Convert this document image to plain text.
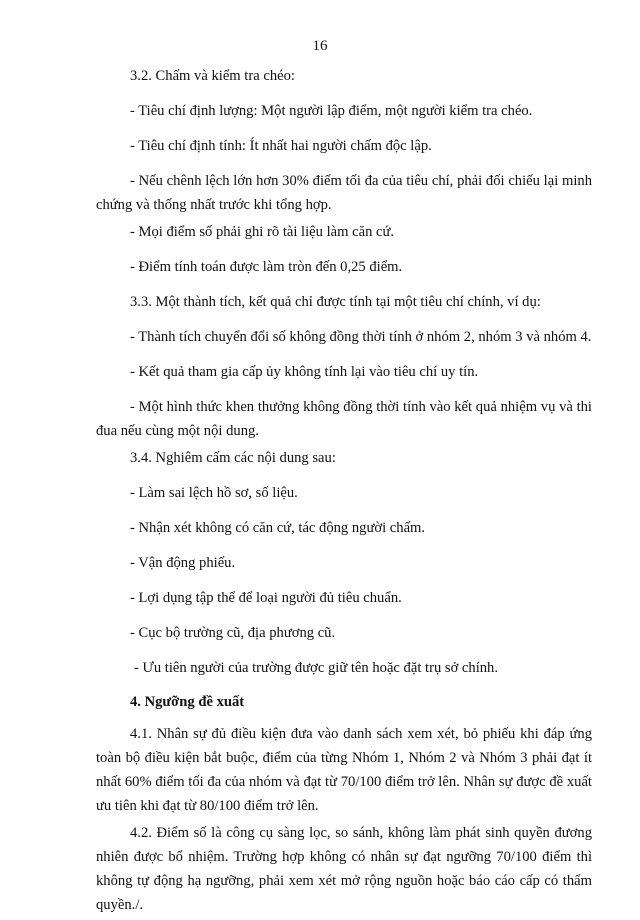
16

3.2. Chấm và kiểm tra chéo:

- Tiêu chí định lượng: Một người lập điểm, một người kiểm tra chéo.

- Tiêu chí định tính: Ít nhất hai người chấm độc lập.

- Nếu chênh lệch lớn hơn 30% điểm tối đa của tiêu chí, phải đối chiếu lại minh chứng và thống nhất trước khi tổng hợp.

- Mọi điểm số phải ghi rõ tài liệu làm căn cứ.

- Điểm tính toán được làm tròn đến 0,25 điểm.

3.3. Một thành tích, kết quả chỉ được tính tại một tiêu chí chính, ví dụ:

- Thành tích chuyển đổi số không đồng thời tính ở nhóm 2, nhóm 3 và nhóm 4.

- Kết quả tham gia cấp ủy không tính lại vào tiêu chí uy tín.

- Một hình thức khen thưởng không đồng thời tính vào kết quả nhiệm vụ và thi đua nếu cùng một nội dung.

3.4. Nghiêm cấm các nội dung sau:

- Làm sai lệch hồ sơ, số liệu.

- Nhận xét không có căn cứ, tác động người chấm.

- Vận động phiếu.

- Lợi dụng tập thể để loại người đủ tiêu chuẩn.

- Cục bộ trường cũ, địa phương cũ.

- Ưu tiên người của trường được giữ tên hoặc đặt trụ sở chính.

4. Ngưỡng đề xuất

4.1. Nhân sự đủ điều kiện đưa vào danh sách xem xét, bỏ phiếu khi đáp ứng toàn bộ điều kiện bắt buộc, điểm của từng Nhóm 1, Nhóm 2 và Nhóm 3 phải đạt ít nhất 60% điểm tối đa của nhóm và đạt từ 70/100 điểm trở lên. Nhân sự được đề xuất ưu tiên khi đạt từ 80/100 điểm trở lên.

4.2. Điểm số là công cụ sàng lọc, so sánh, không làm phát sinh quyền đương nhiên được bổ nhiệm. Trường hợp không có nhân sự đạt ngưỡng 70/100 điểm thì không tự động hạ ngưỡng, phải xem xét mở rộng nguồn hoặc báo cáo cấp có thẩm quyền./.
